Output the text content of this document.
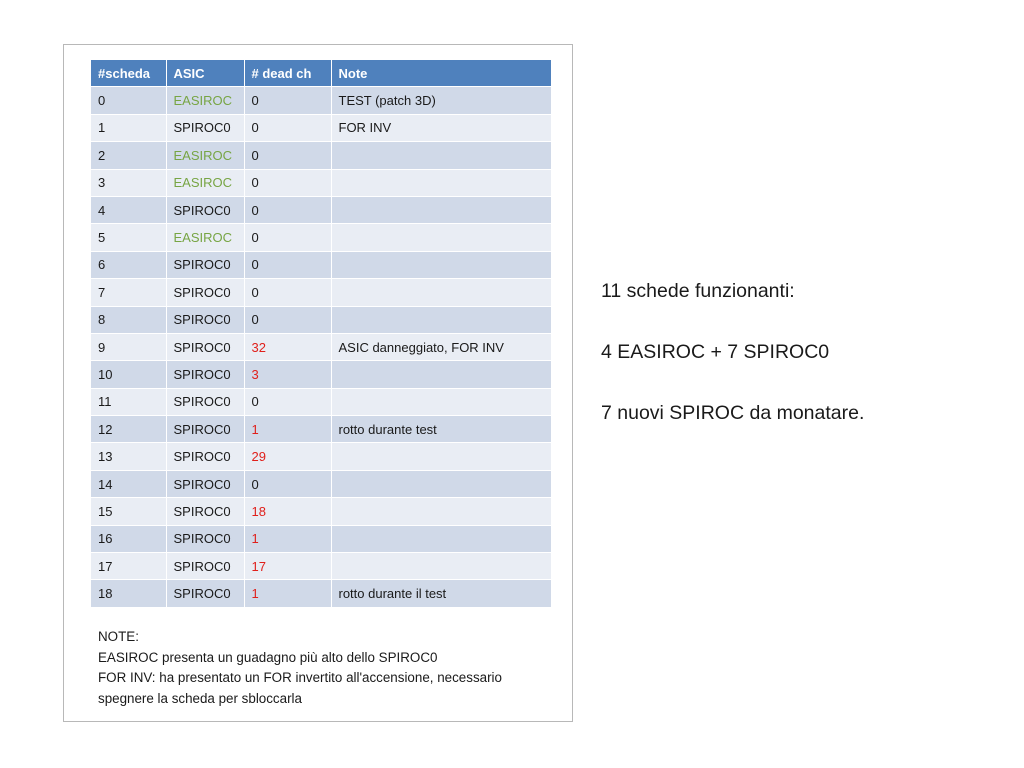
#scheda	ASIC	# dead ch	Note
0	EASIROC	0	TEST (patch 3D)
1	SPIROC0	0	FOR INV
2	EASIROC	0	
3	EASIROC	0	
4	SPIROC0	0	
5	EASIROC	0	
6	SPIROC0	0	
7	SPIROC0	0	
8	SPIROC0	0	
9	SPIROC0	32	ASIC danneggiato, FOR INV
10	SPIROC0	3	
11	SPIROC0	0	
12	SPIROC0	1	rotto durante test
13	SPIROC0	29	
14	SPIROC0	0	
15	SPIROC0	18	
16	SPIROC0	1	
17	SPIROC0	17	
18	SPIROC0	1	rotto durante il test
NOTE:
EASIROC presenta un guadagno più alto dello SPIROC0
FOR INV: ha presentato un FOR invertito all'accensione, necessario
spegnere la scheda per sbloccarla
11 schede funzionanti:
4 EASIROC + 7 SPIROC0
7 nuovi SPIROC da monatare.
